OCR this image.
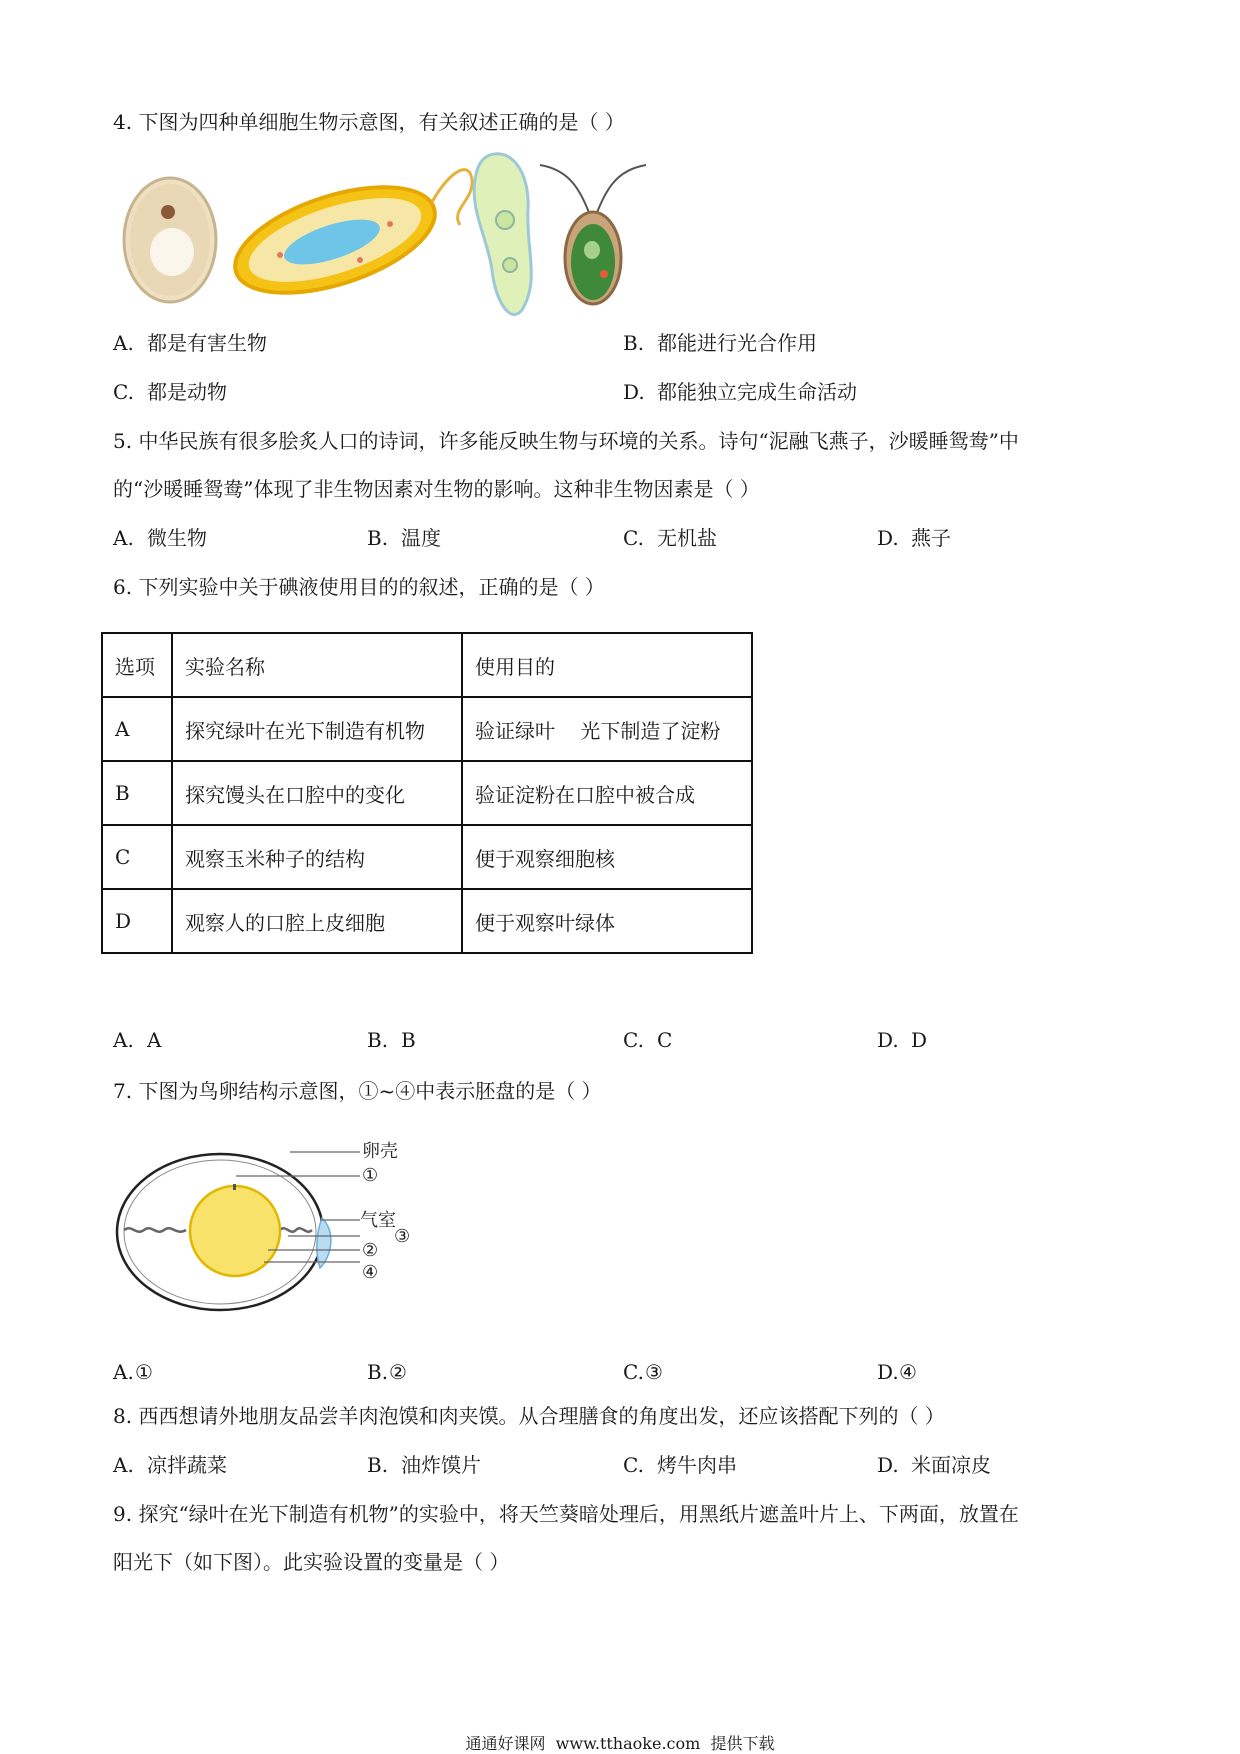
4. 下图为四种单细胞生物示意图，有关叙述正确的是（ ）
A. 都是有害生物	B. 都能进行光合作用
C. 都是动物	D. 都能独立完成生命活动
5. 中华民族有很多脍炙人口的诗词，许多能反映生物与环境的关系。诗句“泥融飞燕子，沙暖睡鸳鸯”中
的“沙暖睡鸳鸯”体现了非生物因素对生物的影响。这种非生物因素是（ ）
A. 微生物	B. 温度	C. 无机盐	D. 燕子
6. 下列实验中关于碘液使用目的的叙述，正确的是（ ）
选项	实验名称	使用目的
A	探究绿叶在光下制造有机物	验证绿叶    光下制造了淀粉
B	探究馒头在口腔中的变化	验证淀粉在口腔中被合成
C	观察玉米种子的结构	便于观察细胞核
D	观察人的口腔上皮细胞	便于观察叶绿体
A. A	B. B	C. C	D. D
7. 下图为鸟卵结构示意图，①~④中表示胚盘的是（ ）
卵壳
①
气室
③
②
④
A.①	B.②	C.③	D.④
8. 西西想请外地朋友品尝羊肉泡馍和肉夹馍。从合理膳食的角度出发，还应该搭配下列的（ ）
A. 凉拌蔬菜	B. 油炸馍片	C. 烤牛肉串	D. 米面凉皮
9. 探究“绿叶在光下制造有机物”的实验中，将天竺葵暗处理后，用黑纸片遮盖叶片上、下两面，放置在
阳光下（如下图）。此实验设置的变量是（ ）
通通好课网  www.tthaoke.com  提供下载
